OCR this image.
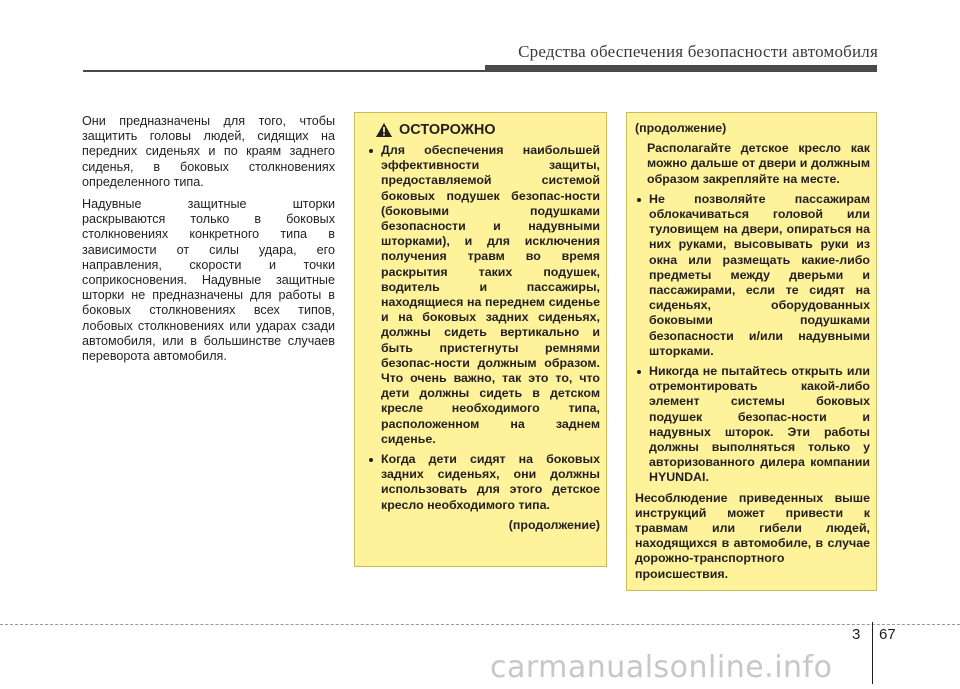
Средства обеспечения безопасности автомобиля

Они предназначены для того, чтобы защитить головы людей, сидящих на передних сиденьях и по краям заднего сиденья, в боковых столкновениях определенного типа.

Надувные защитные шторки раскрываются только в боковых столкновениях конкретного типа в зависимости от силы удара, его направления, скорости и точки соприкосновения. Надувные защитные шторки не предназначены для работы в боковых столкновениях всех типов, лобовых столкновениях или ударах сзади автомобиля, или в большинстве случаев переворота автомобиля.

ОСТОРОЖНО
Для обеспечения наибольшей эффективности защиты, предоставляемой системой боковых подушек безопас-ности (боковыми подушками безопасности и надувными шторками), и для исключения получения травм во время раскрытия таких подушек, водитель и пассажиры, находящиеся на переднем сиденье и на боковых задних сиденьях, должны сидеть вертикально и быть пристегнуты ремнями безопас-ности должным образом. Что очень важно, так это то, что дети должны сидеть в детском кресле необходимого типа, расположенном на заднем сиденье.
Когда дети сидят на боковых задних сиденьях, они должны использовать для этого детское кресло необходимого типа.
(продолжение)
(продолжение)
Располагайте детское кресло как можно дальше от двери и должным образом закрепляйте на месте.
Не позволяйте пассажирам облокачиваться головой или туловищем на двери, опираться на них руками, высовывать руки из окна или размещать какие-либо предметы между дверьми и пассажирами, если те сидят на сиденьях, оборудованных боковыми подушками безопасности и/или надувными шторками.
Никогда не пытайтесь открыть или отремонтировать какой-либо элемент системы боковых подушек безопас-ности и надувных шторок. Эти работы должны выполняться только у авторизованного дилера компании HYUNDAI.
Несоблюдение приведенных выше инструкций может привести к травмам или гибели людей, находящихся в автомобиле, в случае дорожно-транспортного происшествия.
3 67
carmanualsonline.info
